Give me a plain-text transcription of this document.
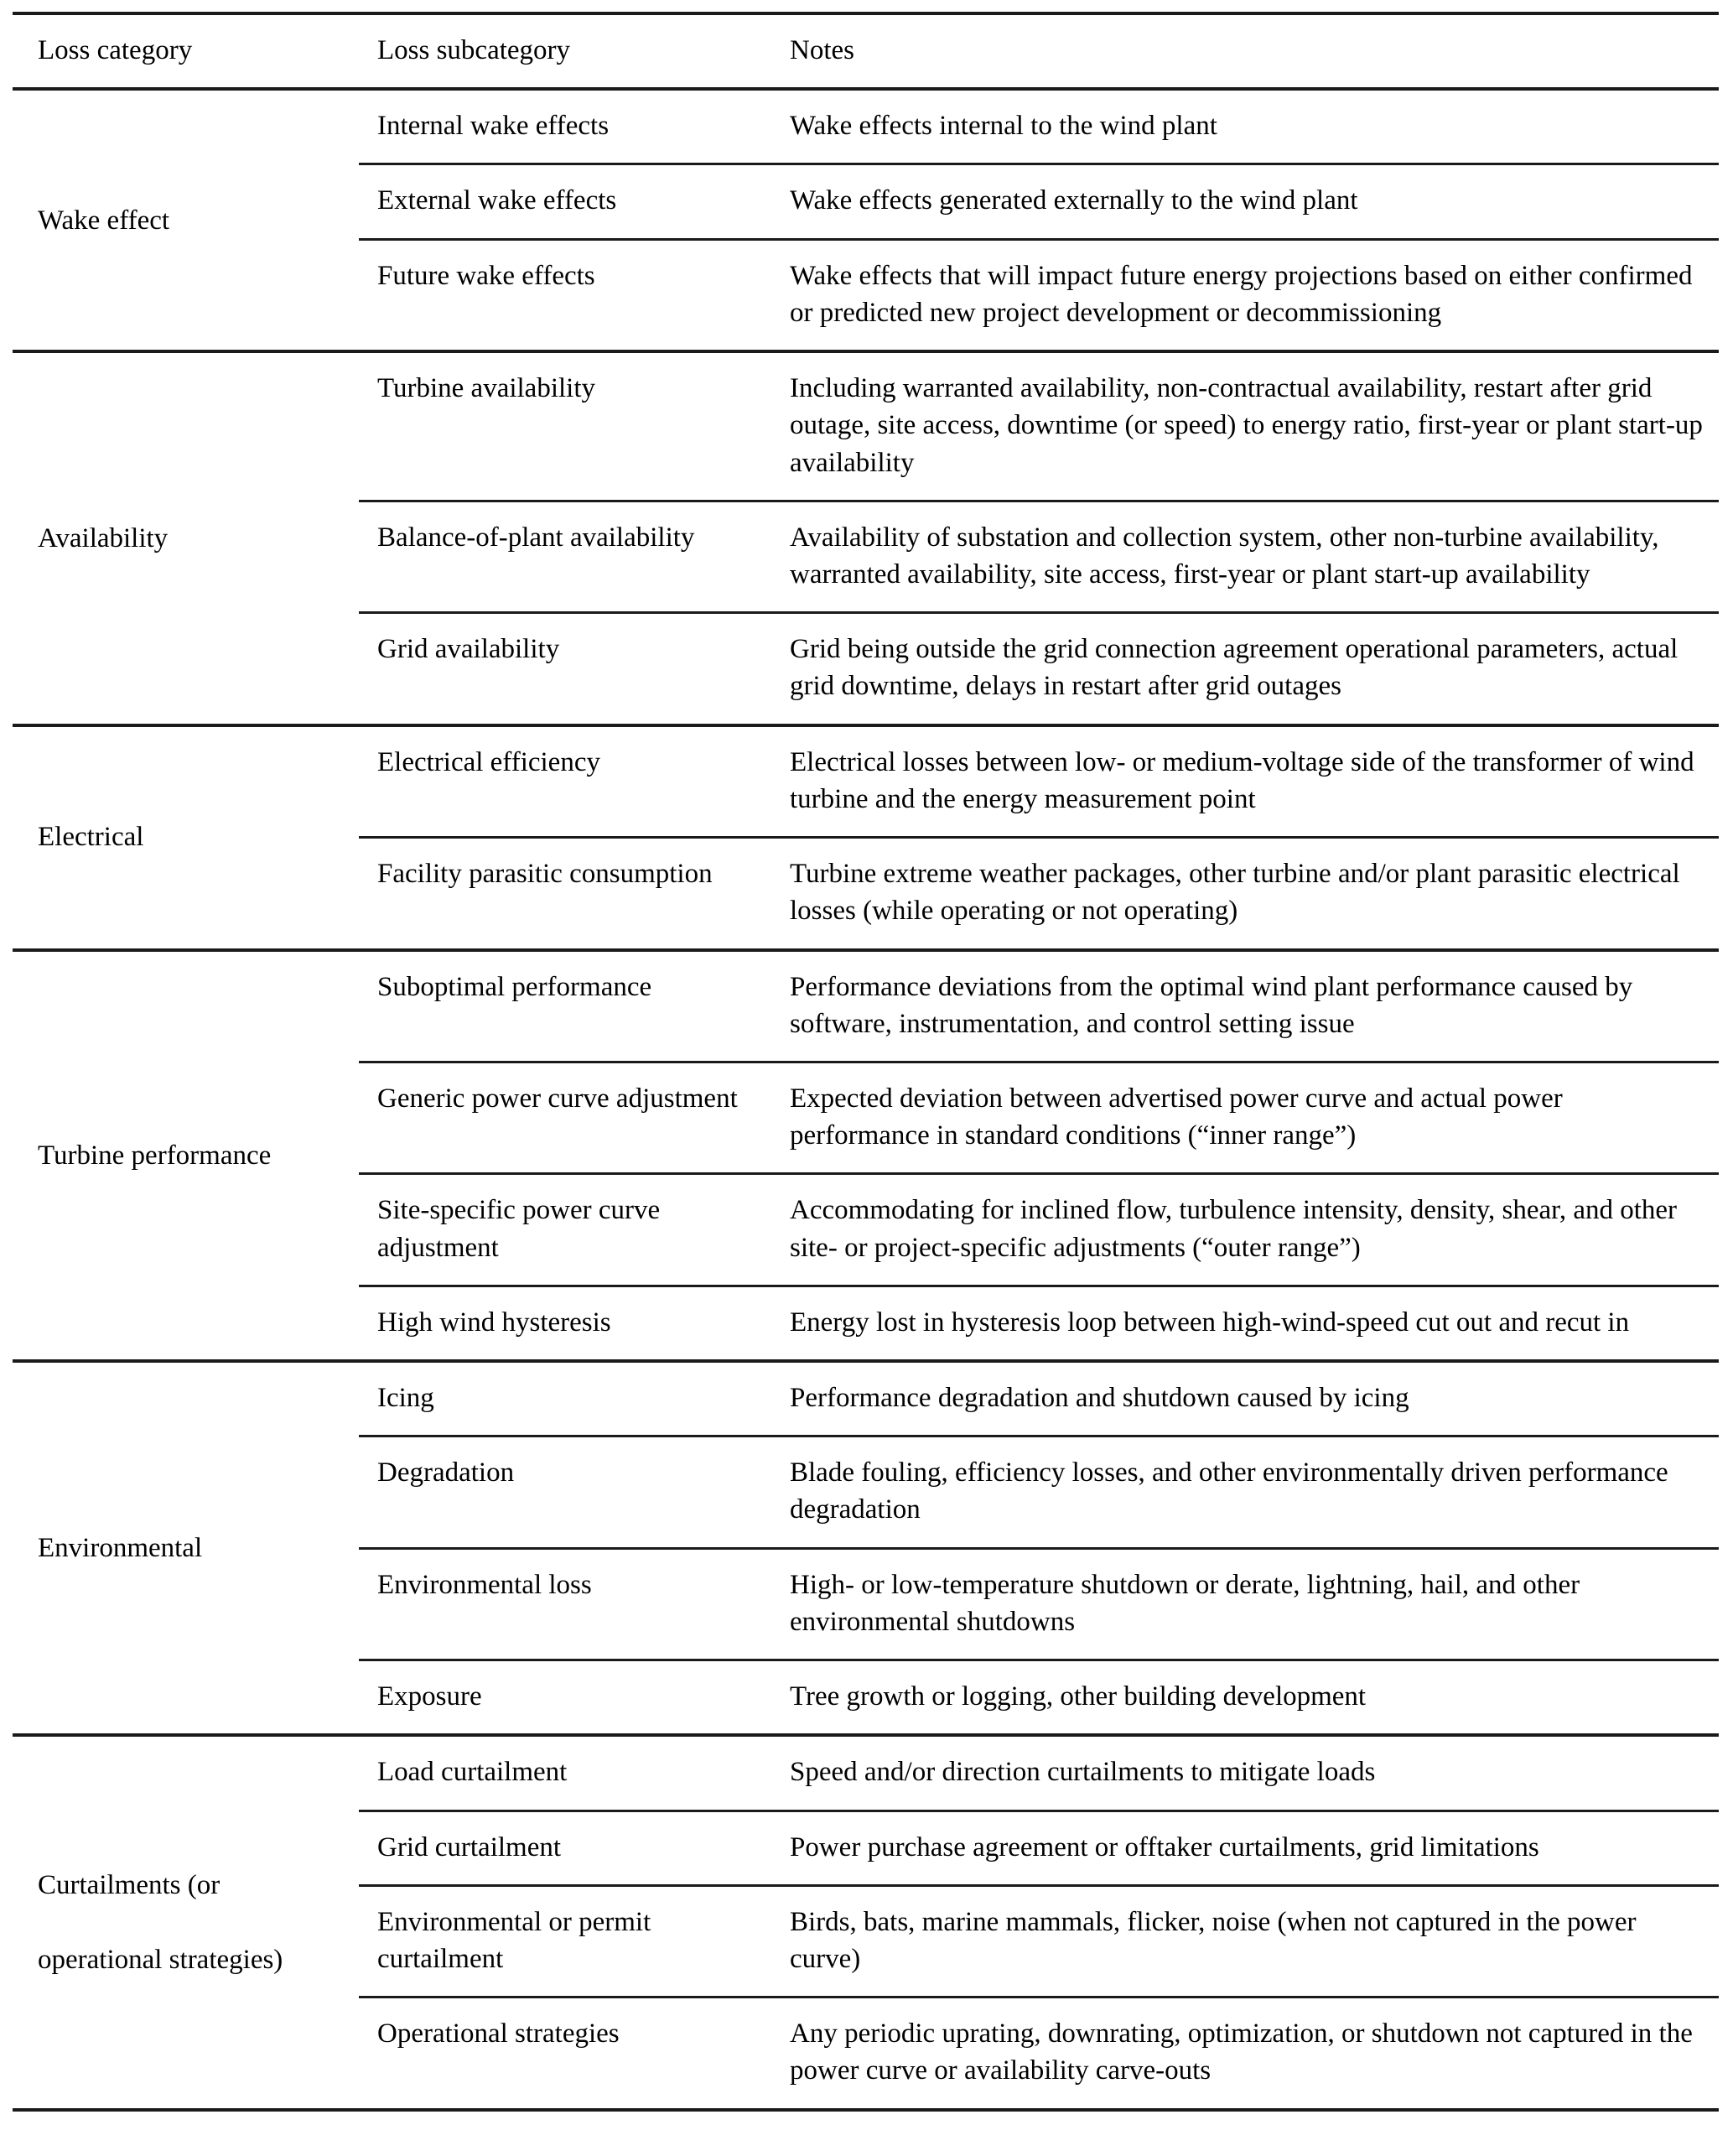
Loss category	Loss subcategory	Notes

Wake effect	Internal wake effects	Wake effects internal to the wind plant
	External wake effects	Wake effects generated externally to the wind plant
	Future wake effects	Wake effects that will impact future energy projections based on either confirmed or predicted new project development or decommissioning

Availability	Turbine availability	Including warranted availability, non-contractual availability, restart after grid outage, site access, downtime (or speed) to energy ratio, first-year or plant start-up availability
	Balance-of-plant availability	Availability of substation and collection system, other non-turbine availability, warranted availability, site access, first-year or plant start-up availability
	Grid availability	Grid being outside the grid connection agreement operational parameters, actual grid downtime, delays in restart after grid outages

Electrical	Electrical efficiency	Electrical losses between low- or medium-voltage side of the transformer of wind turbine and the energy measurement point
	Facility parasitic consumption	Turbine extreme weather packages, other turbine and/or plant parasitic electrical losses (while operating or not operating)

Turbine performance	Suboptimal performance	Performance deviations from the optimal wind plant performance caused by software, instrumentation, and control setting issue
	Generic power curve adjustment	Expected deviation between advertised power curve and actual power performance in standard conditions (“inner range”)
	Site-specific power curve adjustment	Accommodating for inclined flow, turbulence intensity, density, shear, and other site- or project-specific adjustments (“outer range”)
	High wind hysteresis	Energy lost in hysteresis loop between high-wind-speed cut out and recut in

Environmental	Icing	Performance degradation and shutdown caused by icing
	Degradation	Blade fouling, efficiency losses, and other environmentally driven performance degradation
	Environmental loss	High- or low-temperature shutdown or derate, lightning, hail, and other environmental shutdowns
	Exposure	Tree growth or logging, other building development

Curtailments (or
operational strategies)	Load curtailment	Speed and/or direction curtailments to mitigate loads
	Grid curtailment	Power purchase agreement or offtaker curtailments, grid limitations
	Environmental or permit curtailment	Birds, bats, marine mammals, flicker, noise (when not captured in the power curve)
	Operational strategies	Any periodic uprating, downrating, optimization, or shutdown not captured in the power curve or availability carve-outs
